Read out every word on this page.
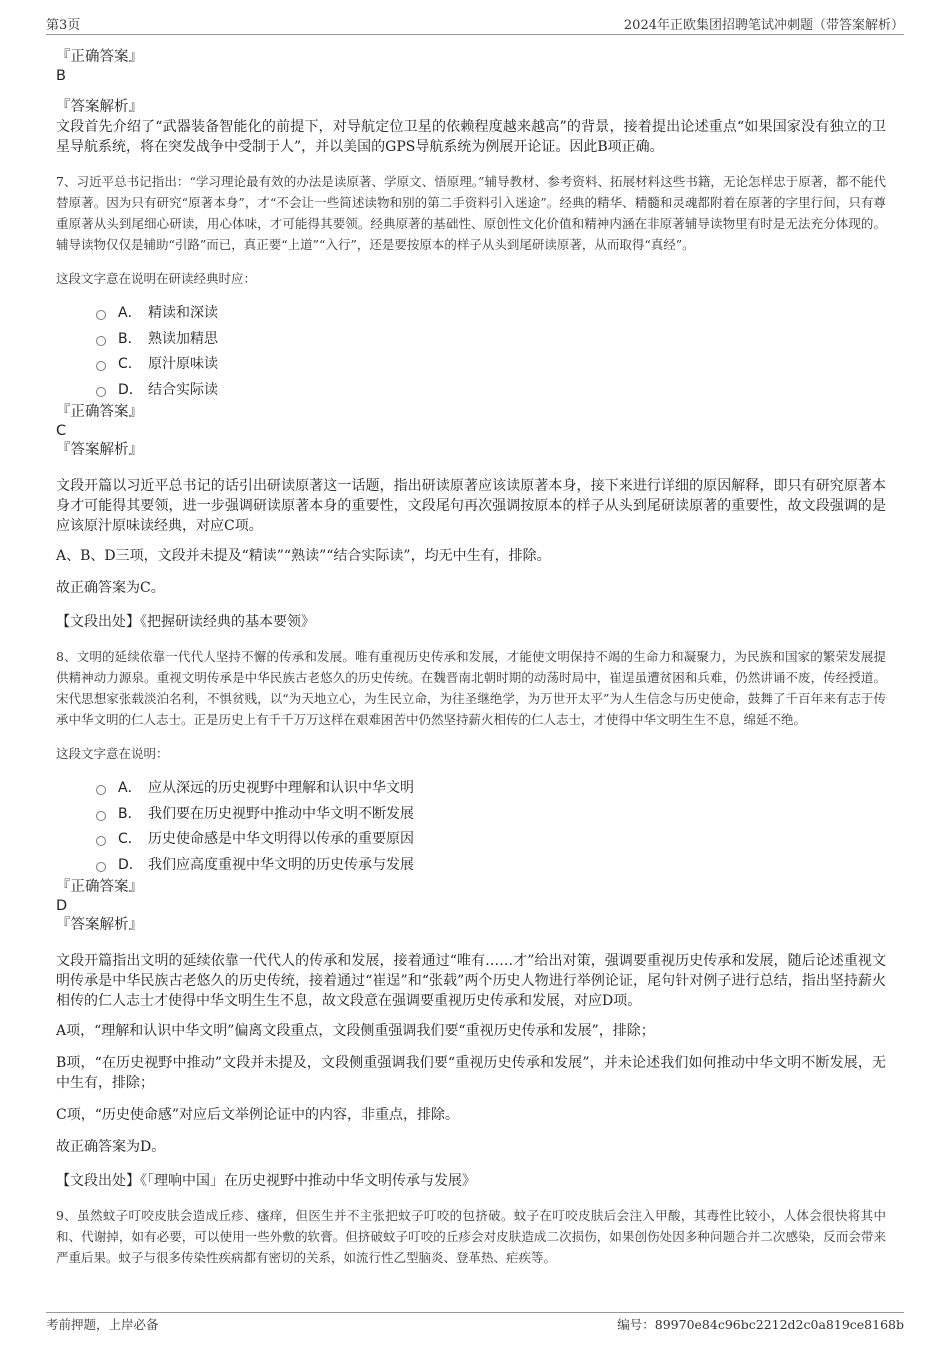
第3页	2024年正欧集团招聘笔试冲刺题（带答案解析）
『正确答案』
B
『答案解析』

文段首先介绍了“武器装备智能化的前提下，对导航定位卫星的依赖程度越来越高”的背景，接着提出论述重点“如果国家没有独立的卫星导航系统，将在突发战争中受制于人”，并以美国的GPS导航系统为例展开论证。因此B项正确。

7、习近平总书记指出：“学习理论最有效的办法是读原著、学原文、悟原理。”辅导教材、参考资料、拓展材料这些书籍，无论怎样忠于原著，都不能代替原著。因为只有研究“原著本身”，才“不会让一些简述读物和别的第二手资料引入迷途”。经典的精华、精髓和灵魂都附着在原著的字里行间，只有尊重原著从头到尾细心研读，用心体味，才可能得其要领。经典原著的基础性、原创性文化价值和精神内涵在非原著辅导读物里有时是无法充分体现的。辅导读物仅仅是辅助“引路”而已，真正要“上道”“入行”，还是要按原本的样子从头到尾研读原著，从而取得“真经”。

这段文字意在说明在研读经典时应：

A． 精读和深读
B． 熟读加精思
C． 原汁原味读
D． 结合实际读
『正确答案』
C
『答案解析』

文段开篇以习近平总书记的话引出研读原著这一话题，指出研读原著应该读原著本身，接下来进行详细的原因解释，即只有研究原著本身才可能得其要领，进一步强调研读原著本身的重要性，文段尾句再次强调按原本的样子从头到尾研读原著的重要性，故文段强调的是应该原汁原味读经典，对应C项。

A、B、D三项，文段并未提及“精读”“熟读”“结合实际读”，均无中生有，排除。

故正确答案为C。

【文段出处】《把握研读经典的基本要领》

8、文明的延续依靠一代代人坚持不懈的传承和发展。唯有重视历史传承和发展，才能使文明保持不竭的生命力和凝聚力，为民族和国家的繁荣发展提供精神动力源泉。重视文明传承是中华民族古老悠久的历史传统。在魏晋南北朝时期的动荡时局中，崔逞虽遭贫困和兵难，仍然讲诵不废，传经授道。宋代思想家张载淡泊名利，不惧贫贱，以“为天地立心，为生民立命，为往圣继绝学，为万世开太平”为人生信念与历史使命，鼓舞了千百年来有志于传承中华文明的仁人志士。正是历史上有千千万万这样在艰难困苦中仍然坚持薪火相传的仁人志士，才使得中华文明生生不息，绵延不绝。

这段文字意在说明：

A． 应从深远的历史视野中理解和认识中华文明
B． 我们要在历史视野中推动中华文明不断发展
C． 历史使命感是中华文明得以传承的重要原因
D． 我们应高度重视中华文明的历史传承与发展
『正确答案』
D
『答案解析』

文段开篇指出文明的延续依靠一代代人的传承和发展，接着通过“唯有……才”给出对策，强调要重视历史传承和发展，随后论述重视文明传承是中华民族古老悠久的历史传统，接着通过“崔逞”和“张载”两个历史人物进行举例论证，尾句针对例子进行总结，指出坚持薪火相传的仁人志士才使得中华文明生生不息，故文段意在强调要重视历史传承和发展，对应D项。

A项，“理解和认识中华文明”偏离文段重点，文段侧重强调我们要“重视历史传承和发展”，排除；

B项，“在历史视野中推动”文段并未提及，文段侧重强调我们要“重视历史传承和发展”，并未论述我们如何推动中华文明不断发展，无中生有，排除；

C项，“历史使命感”对应后文举例论证中的内容，非重点，排除。

故正确答案为D。

【文段出处】《「理响中国」在历史视野中推动中华文明传承与发展》

9、虽然蚊子叮咬皮肤会造成丘疹、瘙痒，但医生并不主张把蚊子叮咬的包挤破。蚊子在叮咬皮肤后会注入甲酸，其毒性比较小，人体会很快将其中和、代谢掉，如有必要，可以使用一些外敷的软膏。但挤破蚊子叮咬的丘疹会对皮肤造成二次损伤，如果创伤处因多种问题合并二次感染，反而会带来严重后果。蚊子与很多传染性疾病都有密切的关系，如流行性乙型脑炎、登革热、疟疾等。

考前押题，上岸必备	编号：89970e84c96bc2212d2c0a819ce8168b
